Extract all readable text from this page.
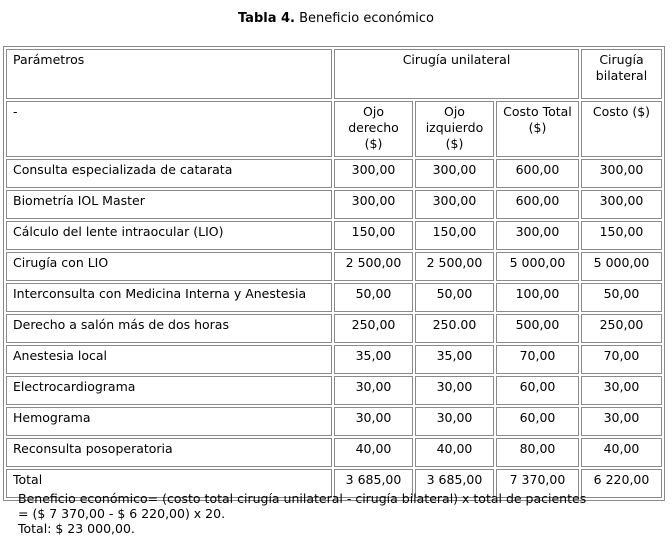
Tabla 4. Beneficio económico
Parámetros	Cirugía unilateral			Cirugía bilateral
-	Ojo derecho ($)	Ojo izquierdo ($)	Costo Total ($)	Costo ($)
Consulta especializada de catarata	300,00	300,00	600,00	300,00
Biometría IOL Master	300,00	300,00	600,00	300,00
Cálculo del lente intraocular (LIO)	150,00	150,00	300,00	150,00
Cirugía con LIO	2 500,00	2 500,00	5 000,00	5 000,00
Interconsulta con Medicina Interna y Anestesia	50,00	50,00	100,00	50,00
Derecho a salón más de dos horas	250,00	250.00	500,00	250,00
Anestesia local	35,00	35,00	70,00	70,00
Electrocardiograma	30,00	30,00	60,00	30,00
Hemograma	30,00	30,00	60,00	30,00
Reconsulta posoperatoria	40,00	40,00	80,00	40,00
Total	3 685,00	3 685,00	7 370,00	6 220,00
Beneficio económico= (costo total cirugía unilateral - cirugía bilateral) x total de pacientes
= ($ 7 370,00 - $ 6 220,00) x 20.
Total: $ 23 000,00.
